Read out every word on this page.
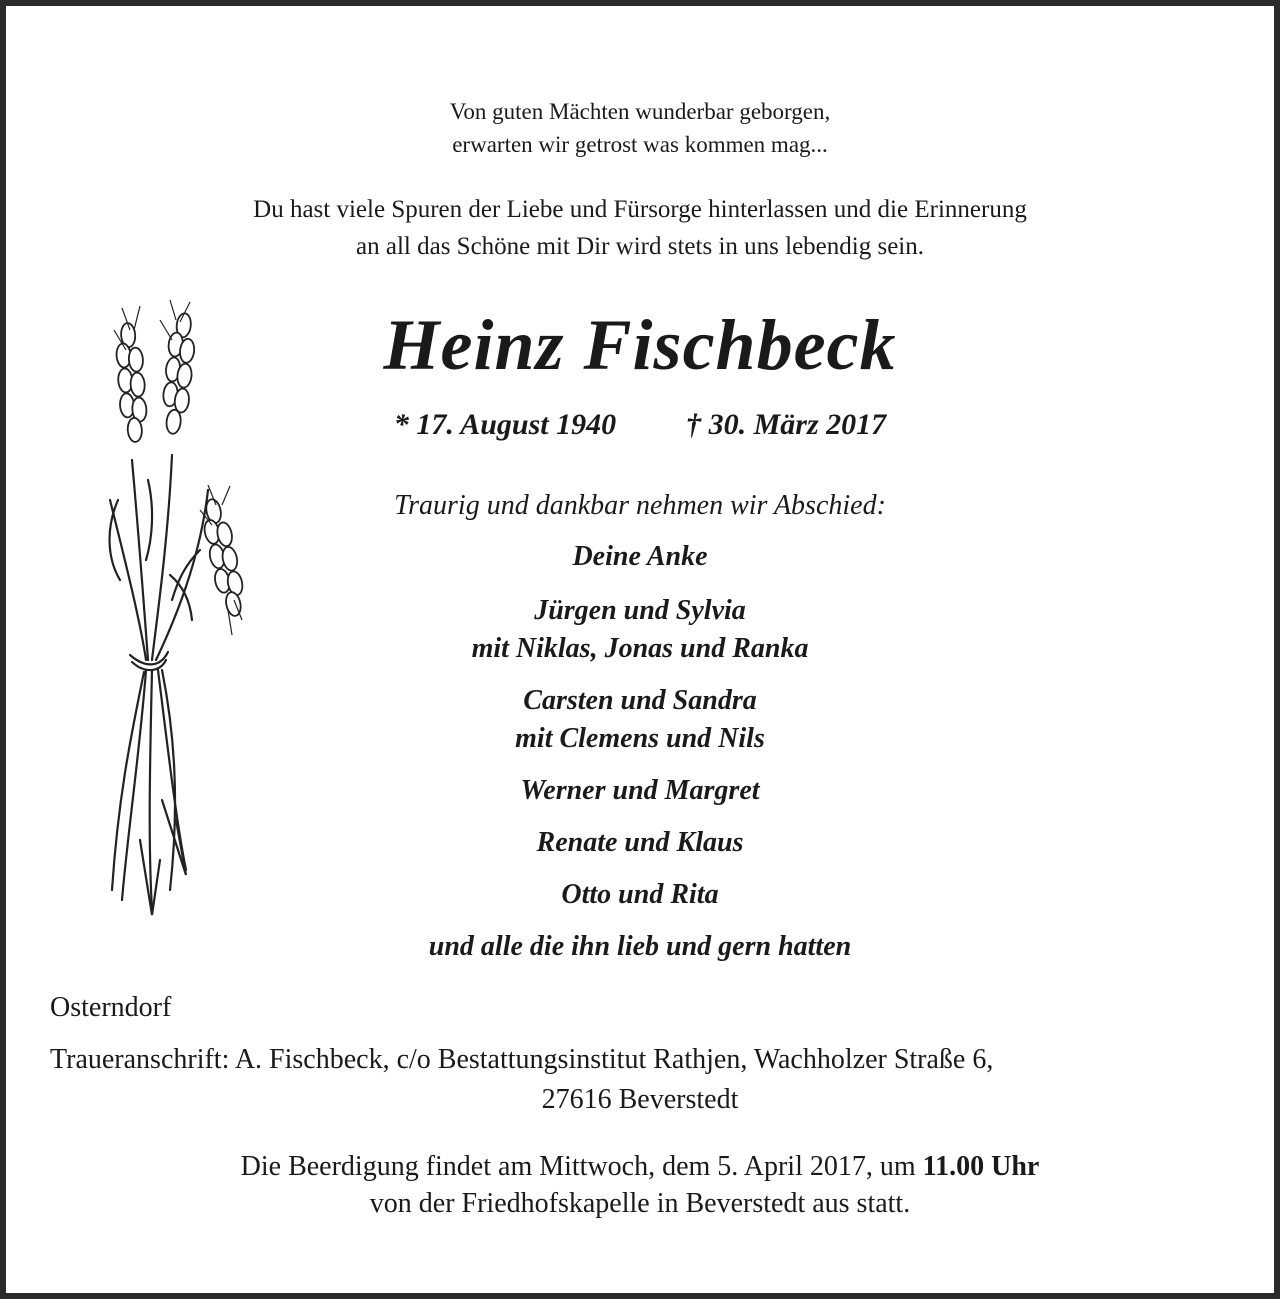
Von guten Mächten wunderbar geborgen,
erwarten wir getrost was kommen mag...
Du hast viele Spuren der Liebe und Fürsorge hinterlassen und die Erinnerung
an all das Schöne mit Dir wird stets in uns lebendig sein.
Heinz Fischbeck
* 17. August 1940 † 30. März 2017
Traurig und dankbar nehmen wir Abschied:
Deine Anke
Jürgen und Sylvia
mit Niklas, Jonas und Ranka
Carsten und Sandra
mit Clemens und Nils
Werner und Margret
Renate und Klaus
Otto und Rita
und alle die ihn lieb und gern hatten
Osterndorf
Traueranschrift: A. Fischbeck, c/o Bestattungsinstitut Rathjen, Wachholzer Straße 6,
27616 Beverstedt
Die Beerdigung findet am Mittwoch, dem 5. April 2017, um 11.00 Uhr
von der Friedhofskapelle in Beverstedt aus statt.
